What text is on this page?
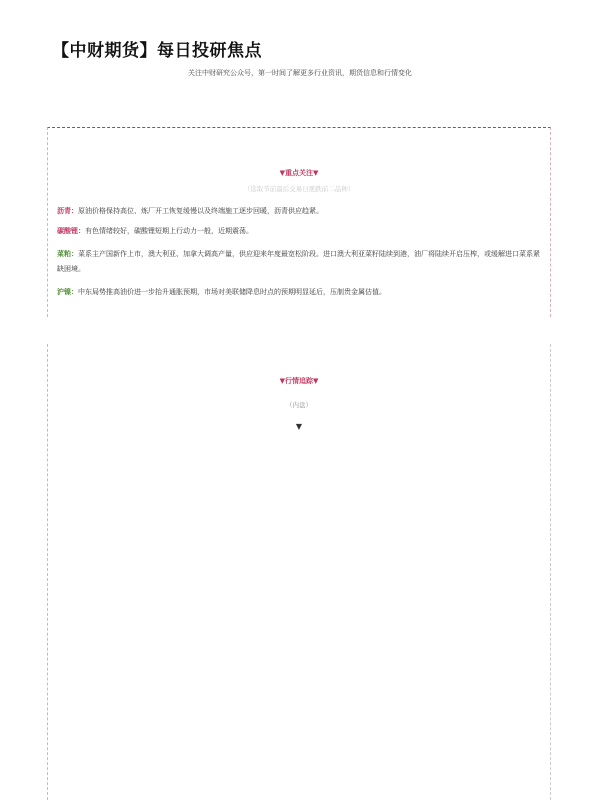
【中财期货】每日投研焦点
关注中财研究公众号，第一时间了解更多行业资讯，期货信息和行情变化
▼重点关注▼
（选取节前最后交易日涨跌前二品种）
沥青：原油价格保持高位、炼厂开工恢复缓慢以及终端施工逐步回暖，沥青供应趋紧。
碳酸锂：有色情绪较好，碳酸锂短期上行动力一般，近期震荡。
菜粕：菜系主产国新作上市，澳大利亚、加拿大调高产量，供应迎来年度最宽松阶段。进口澳大利亚菜籽陆续到港，油厂将陆续开启压榨，或缓解进口菜系紧缺困境。
沪镍：中东局势推高油价进一步抬升通胀预期，市场对美联储降息时点的预期明显延后，压制贵金属估值。
▼行情追踪▼
（内盘）
▼
